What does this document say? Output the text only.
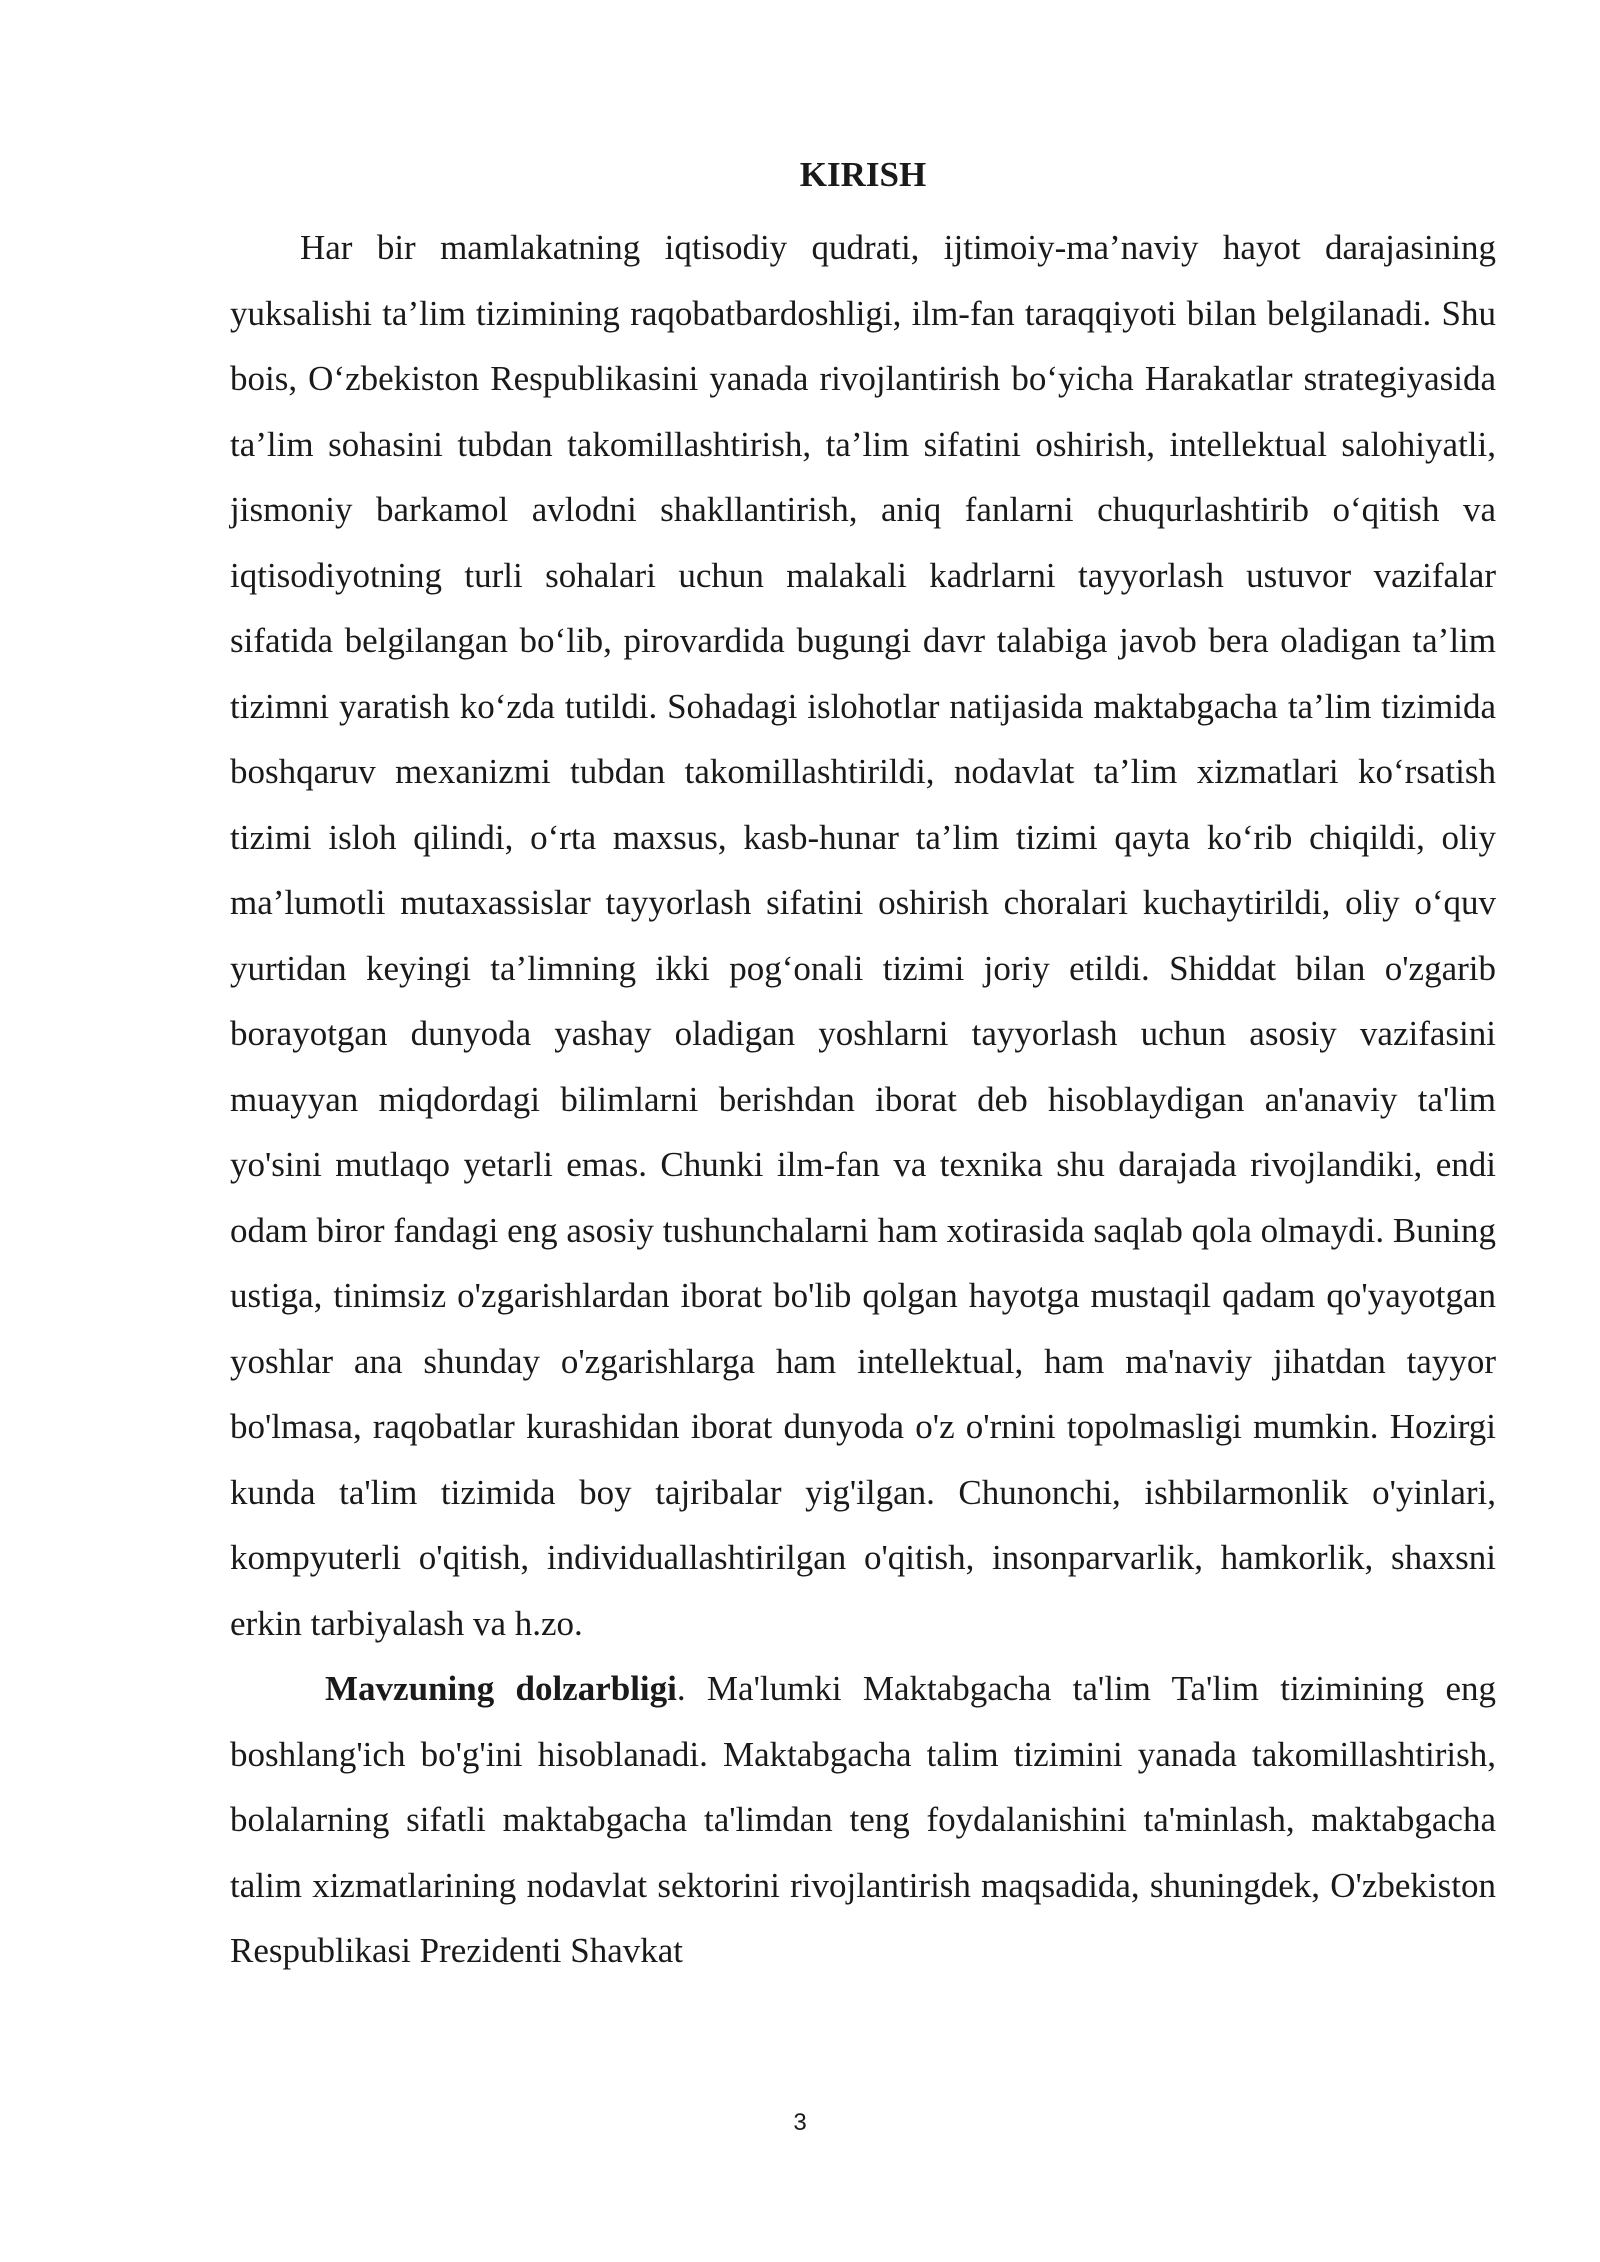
KIRISH

Har bir mamlakatning iqtisodiy qudrati, ijtimoiy-ma’naviy hayot darajasining yuksalishi ta’lim tizimining raqobatbardoshligi, ilm-fan taraqqiyoti bilan belgilanadi. Shu bois, O‘zbekiston Respublikasini yanada rivojlantirish bo‘yicha Harakatlar strategiyasida ta’lim sohasini tubdan takomillashtirish, ta’lim sifatini oshirish, intellektual salohiyatli, jismoniy barkamol avlodni shakllantirish, aniq fanlarni chuqurlashtirib o‘qitish va iqtisodiyotning turli sohalari uchun malakali kadrlarni tayyorlash ustuvor vazifalar sifatida belgilangan bo‘lib, pirovardida bugungi davr talabiga javob bera oladigan ta’lim tizimni yaratish ko‘zda tutildi. Sohadagi islohotlar natijasida maktabgacha ta’lim tizimida boshqaruv mexanizmi tubdan takomillashtirildi, nodavlat ta’lim xizmatlari ko‘rsatish tizimi isloh qilindi, o‘rta maxsus, kasb-hunar ta’lim tizimi qayta ko‘rib chiqildi, oliy ma’lumotli mutaxassislar tayyorlash sifatini oshirish choralari kuchaytirildi, oliy o‘quv yurtidan keyingi ta’limning ikki pog‘onali tizimi joriy etildi. Shiddat bilan o'zgarib borayotgan dunyoda yashay oladigan yoshlarni tayyorlash uchun asosiy vazifasini muayyan miqdordagi bilimlarni berishdan iborat deb hisoblaydigan an'anaviy ta'lim yo'sini mutlaqo yetarli emas. Chunki ilm-fan va texnika shu darajada rivojlandiki, endi odam biror fandagi eng asosiy tushunchalarni ham xotirasida saqlab qola olmaydi. Buning ustiga, tinimsiz o'zgarishlardan iborat bo'lib qolgan hayotga mustaqil qadam qo'yayotgan yoshlar ana shunday o'zgarishlarga ham intellektual, ham ma'naviy jihatdan tayyor bo'lmasa, raqobatlar kurashidan iborat dunyoda o'z o'rnini topolmasligi mumkin. Hozirgi kunda ta'lim tizimida boy tajribalar yig'ilgan. Chunonchi, ishbilarmonlik o'yinlari, kompyuterli o'qitish, individuallashtirilgan o'qitish, insonparvarlik, hamkorlik, shaxsni erkin tarbiyalash va h.zo.

Mavzuning dolzarbligi. Ma'lumki Maktabgacha ta'lim Ta'lim tizimining eng boshlang'ich bo'g'ini hisoblanadi. Maktabgacha talim tizimini yanada takomillashtirish, bolalarning sifatli maktabgacha ta'limdan teng foydalanishini ta'minlash, maktabgacha talim xizmatlarining nodavlat sektorini rivojlantirish maqsadida, shuningdek, O'zbekiston Respublikasi Prezidenti Shavkat

3
